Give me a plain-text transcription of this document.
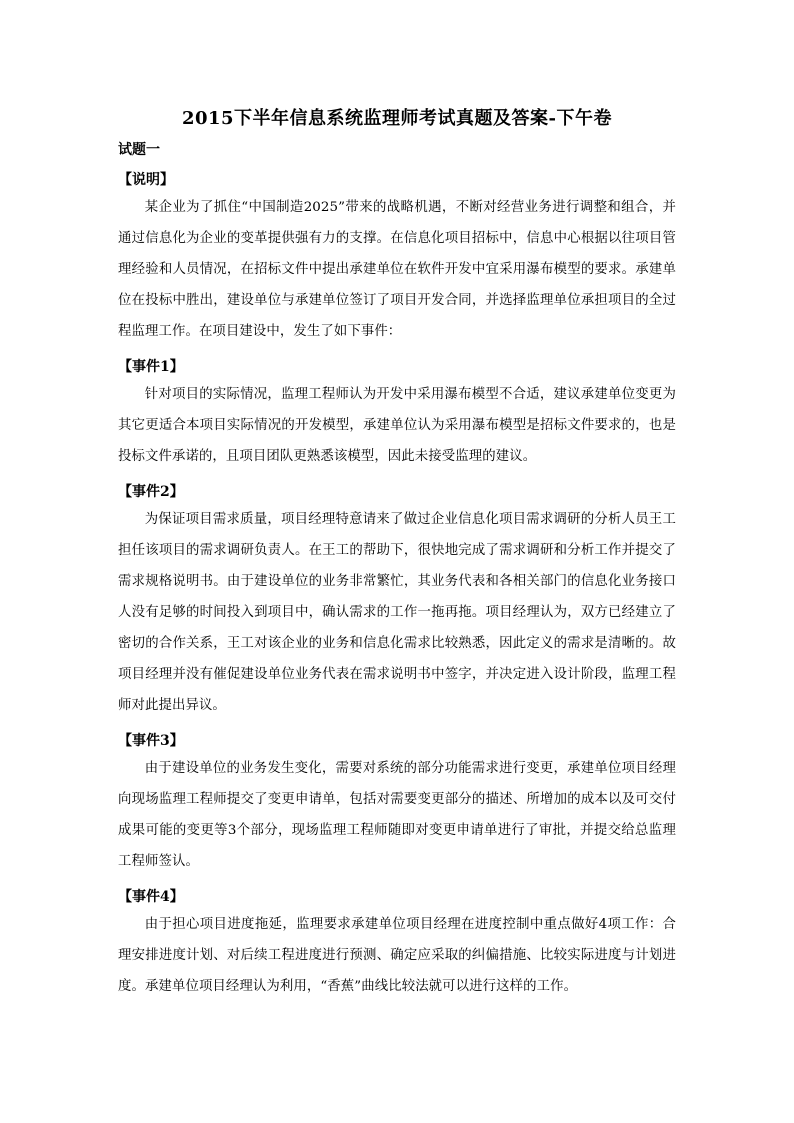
2015下半年信息系统监理师考试真题及答案-下午卷

试题一

【说明】

某企业为了抓住“中国制造2025”带来的战略机遇，不断对经营业务进行调整和组合，并通过信息化为企业的变革提供强有力的支撑。在信息化项目招标中，信息中心根据以往项目管理经验和人员情况，在招标文件中提出承建单位在软件开发中宜采用瀑布模型的要求。承建单位在投标中胜出，建设单位与承建单位签订了项目开发合同，并选择监理单位承担项目的全过程监理工作。在项目建设中，发生了如下事件：

【事件1】

针对项目的实际情况，监理工程师认为开发中采用瀑布模型不合适，建议承建单位变更为其它更适合本项目实际情况的开发模型，承建单位认为采用瀑布模型是招标文件要求的，也是投标文件承诺的，且项目团队更熟悉该模型，因此未接受监理的建议。

【事件2】

为保证项目需求质量，项目经理特意请来了做过企业信息化项目需求调研的分析人员王工担任该项目的需求调研负责人。在王工的帮助下，很快地完成了需求调研和分析工作并提交了需求规格说明书。由于建设单位的业务非常繁忙，其业务代表和各相关部门的信息化业务接口人没有足够的时间投入到项目中，确认需求的工作一拖再拖。项目经理认为，双方已经建立了密切的合作关系，王工对该企业的业务和信息化需求比较熟悉，因此定义的需求是清晰的。故项目经理并没有催促建设单位业务代表在需求说明书中签字，并决定进入设计阶段，监理工程师对此提出异议。

【事件3】

由于建设单位的业务发生变化，需要对系统的部分功能需求进行变更，承建单位项目经理向现场监理工程师提交了变更申请单，包括对需要变更部分的描述、所增加的成本以及可交付成果可能的变更等3个部分，现场监理工程师随即对变更申请单进行了审批，并提交给总监理工程师签认。

【事件4】

由于担心项目进度拖延，监理要求承建单位项目经理在进度控制中重点做好4项工作：合理安排进度计划、对后续工程进度进行预测、确定应采取的纠偏措施、比较实际进度与计划进度。承建单位项目经理认为利用，“香蕉”曲线比较法就可以进行这样的工作。
